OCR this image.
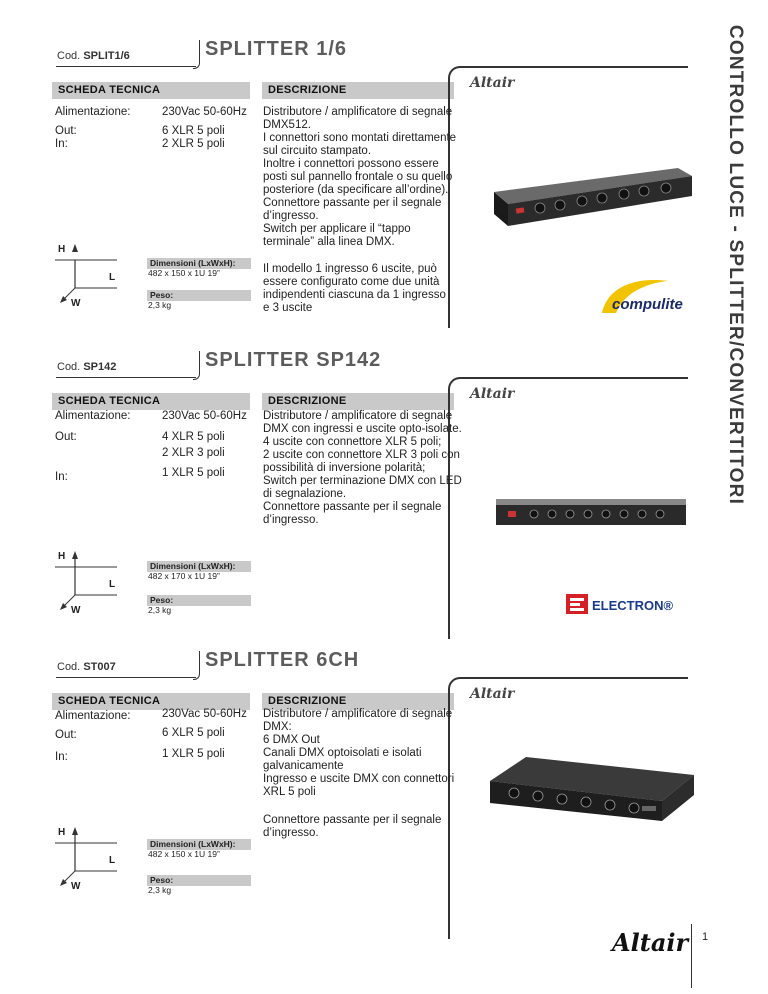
CONTROLLO LUCE - SPLITTER/CONVERTITORI
Cod. SPLIT1/6	SPLITTER 1/6
SCHEDA TECNICA	DESCRIZIONE	Altair
Alimentazione:	230Vac 50-60Hz
Out:	6 XLR 5 poli
In:	2 XLR 5 poli
Distributore / amplificatore di segnale DMX512.
I connettori sono montati direttamente sul circuito stampato.
Inoltre i connettori possono essere posti sul pannello frontale o su quello posteriore (da specificare all’ordine).
Connettore passante per il segnale d’ingresso.
Switch per applicare il “tappo terminale” alla linea DMX.
Il modello 1 ingresso 6 uscite, può essere configurato come due unità indipendenti ciascuna da 1 ingresso e 3 uscite
H
L
W
Dimensioni (LxWxH):
482 x 150 x 1U 19”
Peso:
2,3 kg	compulite
Cod. SP142	SPLITTER SP142
SCHEDA TECNICA	DESCRIZIONE	Altair
Alimentazione:	230Vac 50-60Hz
Out:	4 XLR 5 poli
2 XLR 3 poli
In:	1 XLR 5 poli
Distributore / amplificatore di segnale DMX con ingressi e uscite opto-isolate.
4 uscite con connettore XLR 5 poli;
2 uscite con connettore XLR 3 poli con possibilità di inversione polarità;
Switch per terminazione DMX con LED di segnalazione.
Connettore passante per il segnale d’ingresso.
H
L
W
Dimensioni (LxWxH):
482 x 170 x 1U 19”
Peso:
2,3 kg	ELECTRON®
Cod. ST007	SPLITTER 6CH
SCHEDA TECNICA	DESCRIZIONE	Altair
Alimentazione:	230Vac 50-60Hz
Out:	6 XLR 5 poli
In:	1 XLR 5 poli
Distributore / amplificatore di segnale DMX:
6 DMX Out
Canali DMX optoisolati e isolati galvanicamente
Ingresso e uscite DMX con connettori XRL 5 poli
Connettore passante per il segnale d’ingresso.
H
L
W
Dimensioni (LxWxH):
482 x 150 x 1U 19”
Peso:
2,3 kg
Altair 1
